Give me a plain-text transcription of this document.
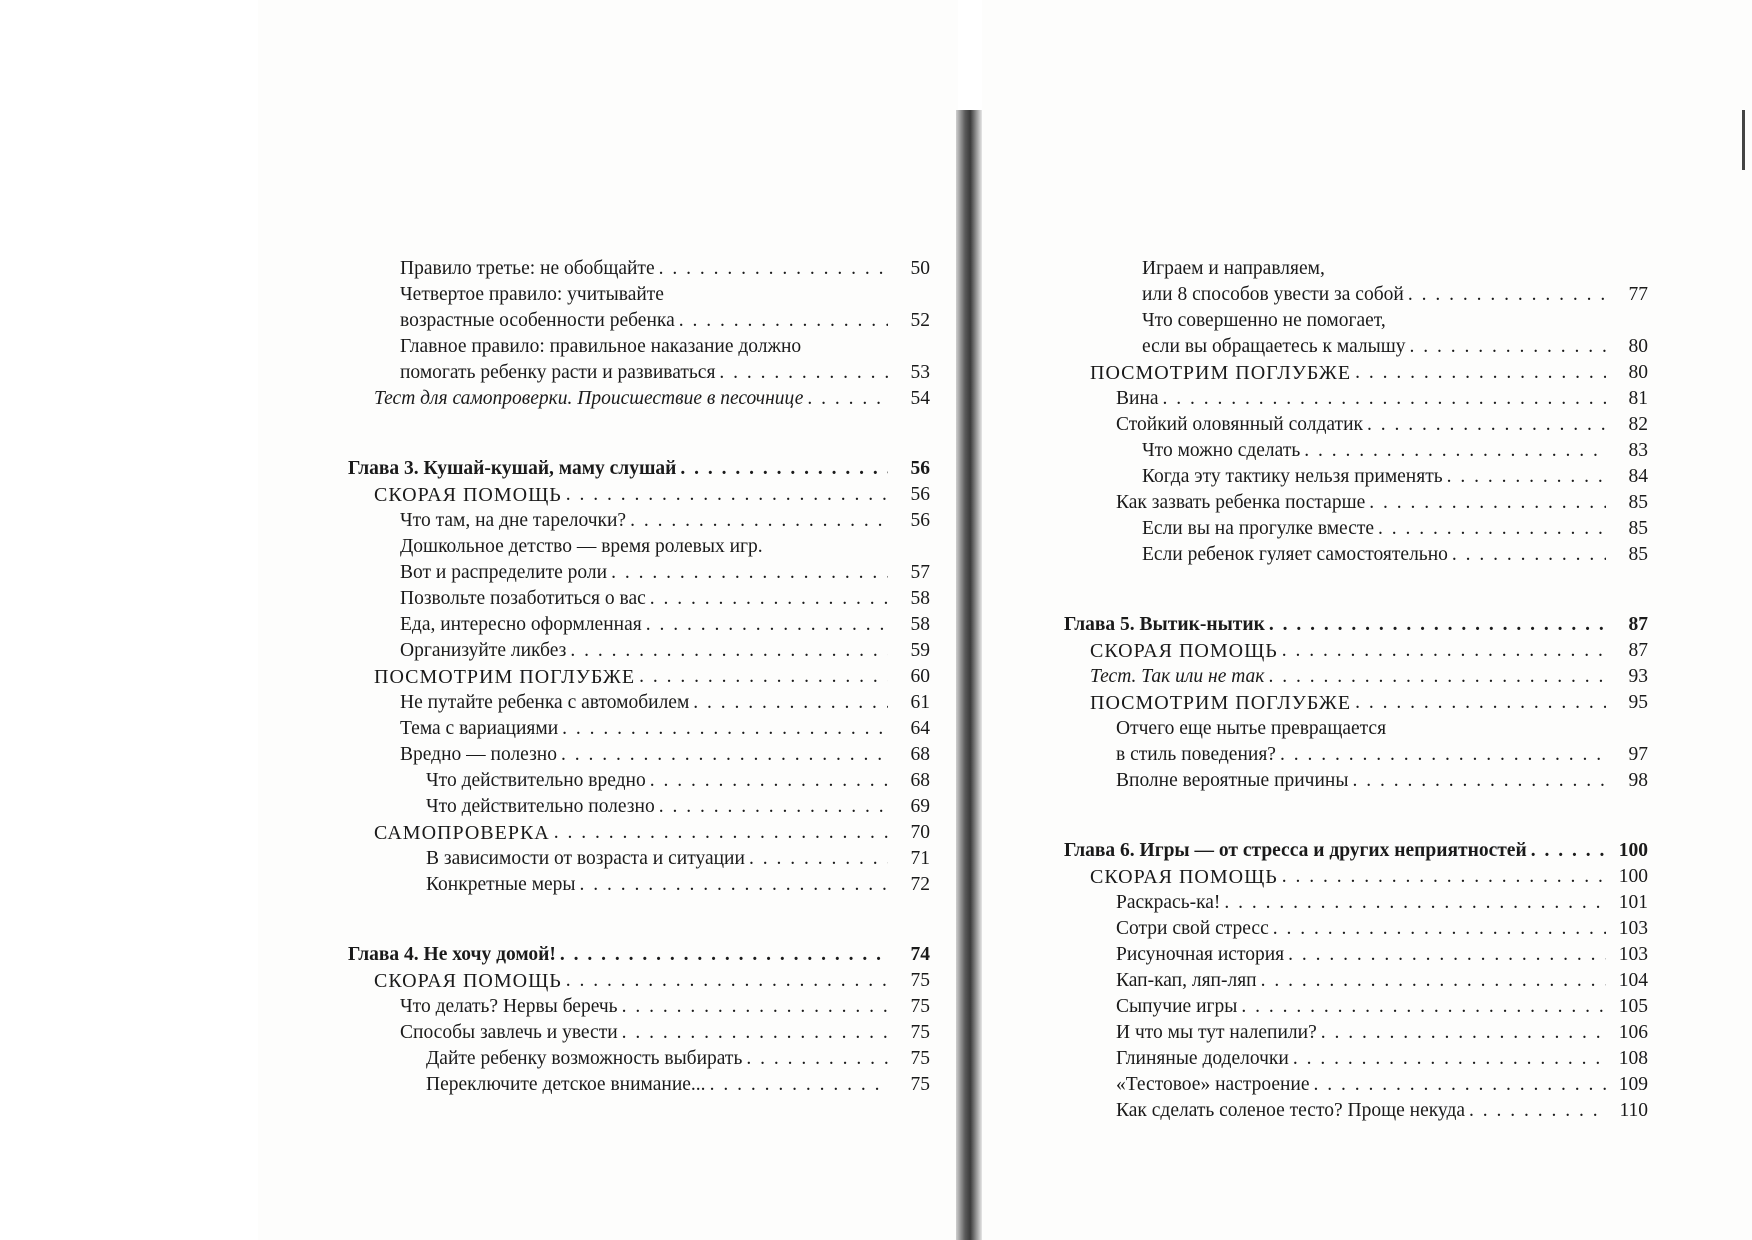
Правило третье: не обобщайте . . .	50
Четвертое правило: учитывайте
возрастные особенности ребенка . . .	52
Главное правило: правильное наказание должно
помогать ребенку расти и развиваться . . .	53
Тест для самопроверки. Происшествие в песочнице . . .	54
Глава 3. Кушай-кушай, маму слушай . . .	56
СКОРАЯ ПОМОЩЬ . . .	56
Что там, на дне тарелочки? . . .	56
Дошкольное детство — время ролевых игр.
Вот и распределите роли . . .	57
Позвольте позаботиться о вас . . .	58
Еда, интересно оформленная . . .	58
Организуйте ликбез . . .	59
ПОСМОТРИМ ПОГЛУБЖЕ . . .	60
Не путайте ребенка с автомобилем . . .	61
Тема с вариациями . . .	64
Вредно — полезно . . .	68
Что действительно вредно . . .	68
Что действительно полезно . . .	69
САМОПРОВЕРКА . . .	70
В зависимости от возраста и ситуации . . .	71
Конкретные меры . . .	72
Глава 4. Не хочу домой! . . .	74
СКОРАЯ ПОМОЩЬ . . .	75
Что делать? Нервы беречь . . .	75
Способы завлечь и увести . . .	75
Дайте ребенку возможность выбирать . . .	75
Переключите детское внимание... . . .	75
Играем и направляем,
или 8 способов увести за собой . . .	77
Что совершенно не помогает,
если вы обращаетесь к малышу . . .	80
ПОСМОТРИМ ПОГЛУБЖЕ . . .	80
Вина . . .	81
Стойкий оловянный солдатик . . .	82
Что можно сделать . . .	83
Когда эту тактику нельзя применять . . .	84
Как зазвать ребенка постарше . . .	85
Если вы на прогулке вместе . . .	85
Если ребенок гуляет самостоятельно . . .	85
Глава 5. Вытик-нытик . . .	87
СКОРАЯ ПОМОЩЬ . . .	87
Тест. Так или не так . . .	93
ПОСМОТРИМ ПОГЛУБЖЕ . . .	95
Отчего еще нытье превращается
в стиль поведения? . . .	97
Вполне вероятные причины . . .	98
Глава 6. Игры — от стресса и других неприятностей . . .	100
СКОРАЯ ПОМОЩЬ . . .	100
Раскрась-ка! . . .	101
Сотри свой стресс . . .	103
Рисуночная история . . .	103
Кап-кап, ляп-ляп . . .	104
Сыпучие игры . . .	105
И что мы тут налепили? . . .	106
Глиняные доделочки . . .	108
«Тестовое» настроение . . .	109
Как сделать соленое тесто? Проще некуда . . .	110
